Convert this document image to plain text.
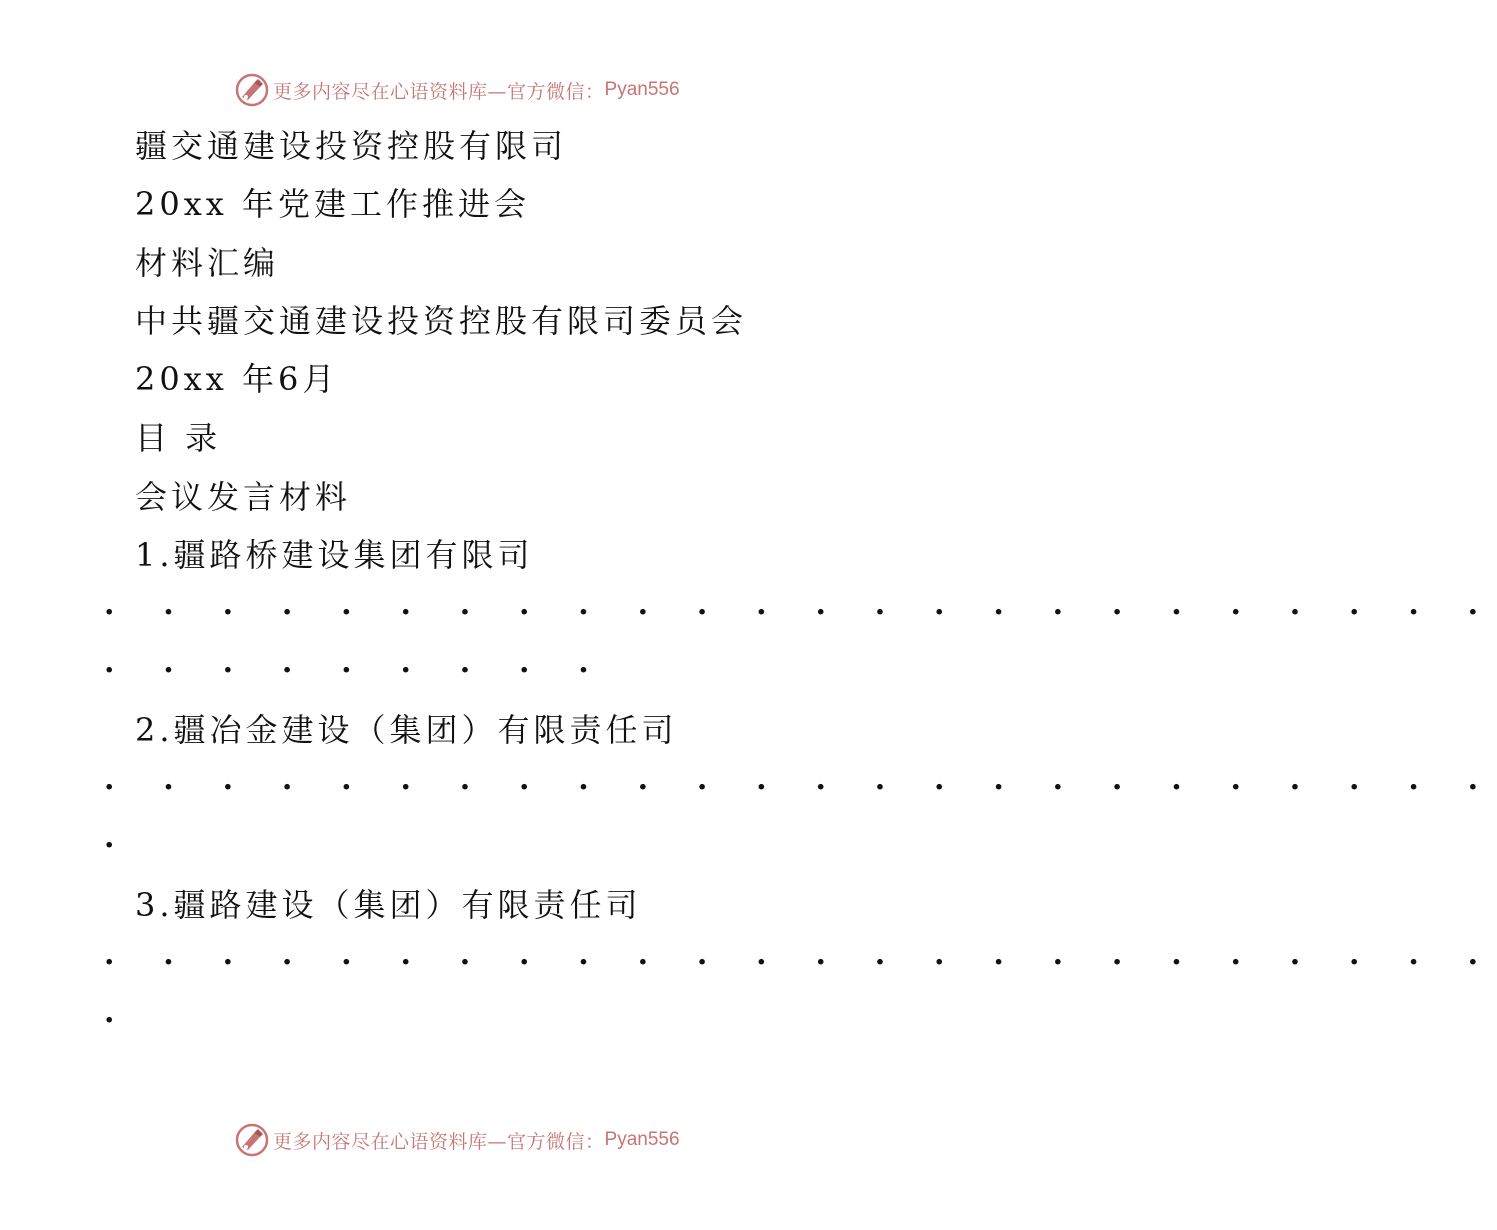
更多内容尽在心语资料库—官方微信： Pyan556
疆交通建设投资控股有限司
20xx 年党建工作推进会
材料汇编
中共疆交通建设投资控股有限司委员会
20xx 年6月
目 录
会议发言材料
1.疆路桥建设集团有限司
. . . . . . . . . . . . . . . . . . . . . . . .
. . . . . . . . .
2.疆冶金建设（集团）有限责任司
. . . . . . . . . . . . . . . . . . . . . . . .
.
3.疆路建设（集团）有限责任司
. . . . . . . . . . . . . . . . . . . . . . . .
.
更多内容尽在心语资料库—官方微信： Pyan556
